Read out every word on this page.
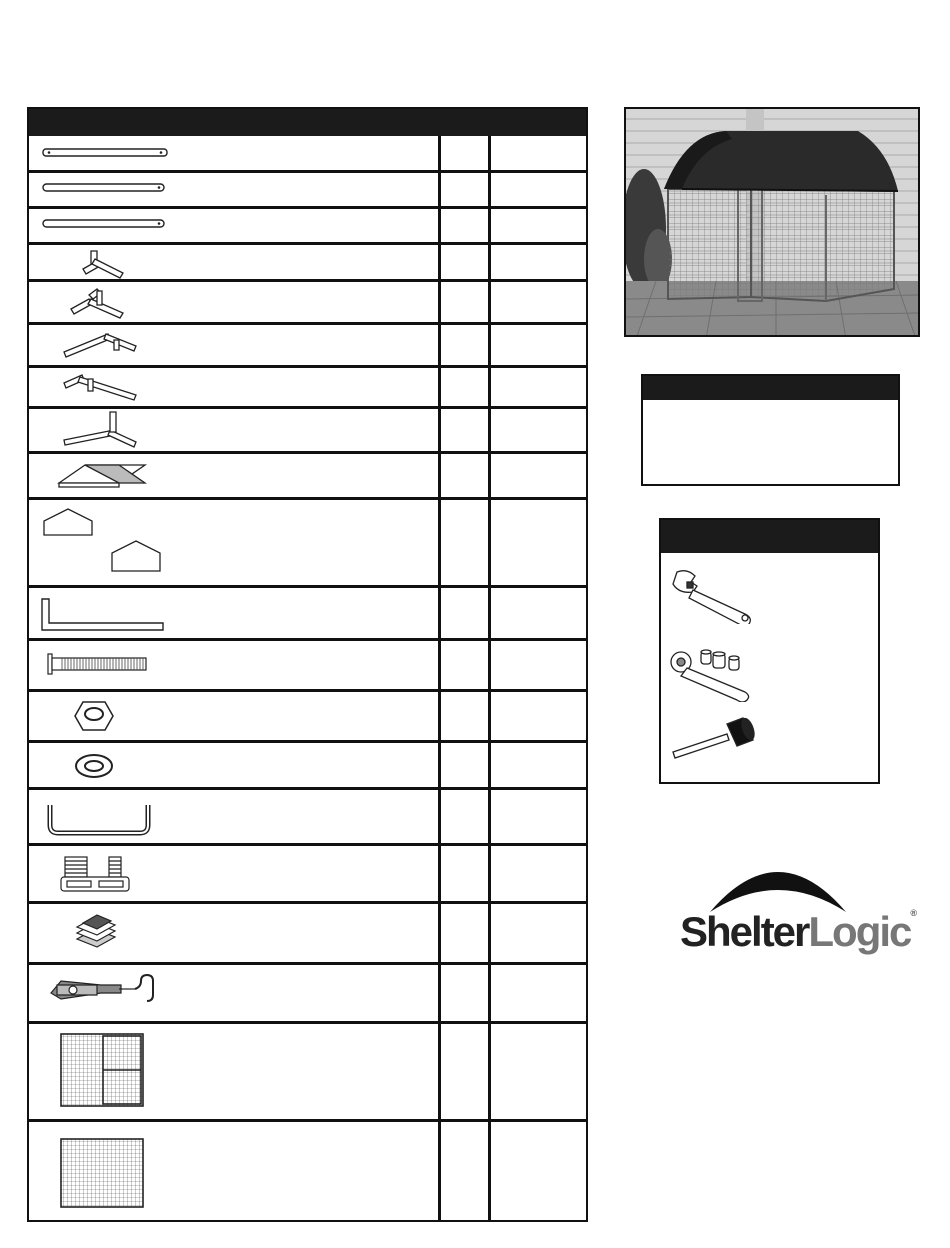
ShelterLogic®
